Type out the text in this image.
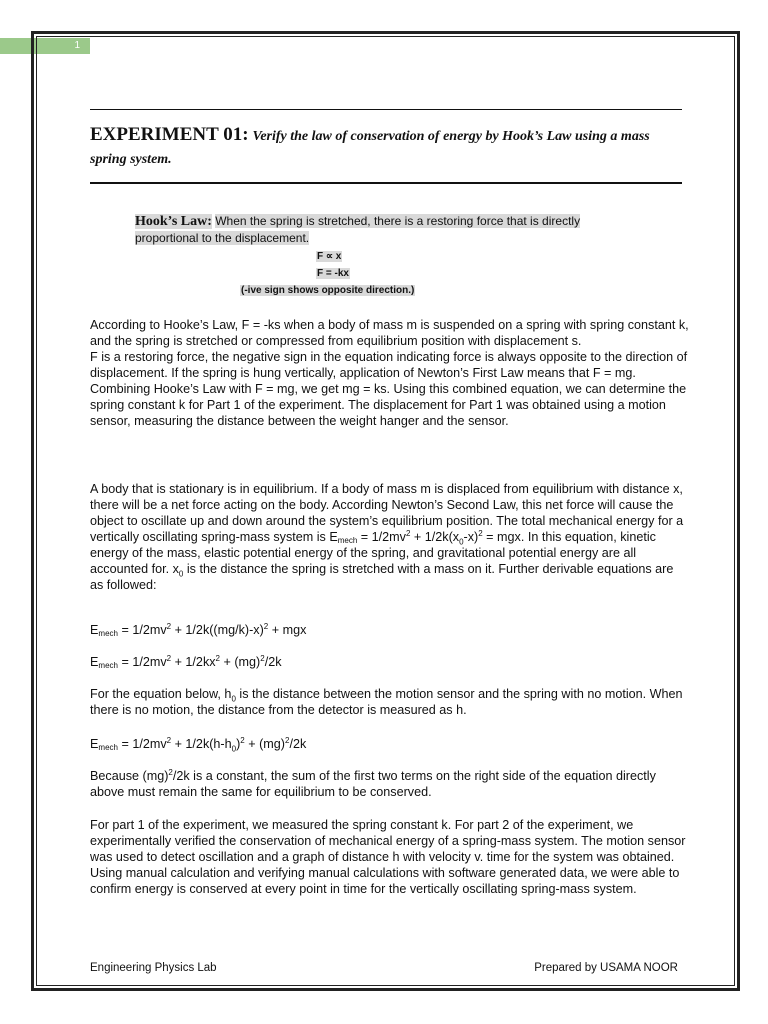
1
EXPERIMENT 01: Verify the law of conservation of energy by Hook’s Law using a mass spring system.
Hook’s Law: When the spring is stretched, there is a restoring force that is directly proportional to the displacement.
F ∝ x
F = -kx
(-ive sign shows opposite direction.)
According to Hooke’s Law, F = -ks when a body of mass m is suspended on a spring with spring constant k, and the spring is stretched or compressed from equilibrium position with displacement s.
F is a restoring force, the negative sign in the equation indicating force is always opposite to the direction of displacement. If the spring is hung vertically, application of Newton’s First Law means that F = mg. Combining Hooke’s Law with F = mg, we get mg = ks. Using this combined equation, we can determine the spring constant k for Part 1 of the experiment. The displacement for Part 1 was obtained using a motion sensor, measuring the distance between the weight hanger and the sensor.

A body that is stationary is in equilibrium. If a body of mass m is displaced from equilibrium with distance x, there will be a net force acting on the body. According Newton’s Second Law, this net force will cause the object to oscillate up and down around the system’s equilibrium position. The total mechanical energy for a vertically oscillating spring-mass system is $E_{mech} = 1/2mv^2 + 1/2k(x_0-x)^2$ = mgx. In this equation, kinetic energy of the mass, elastic potential energy of the spring, and gravitational potential energy are all accounted for. $x_0$ is the distance the spring is stretched with a mass on it. Further derivable equations are as followed:

$E_{mech} = 1/2mv^2 + 1/2k((mg/k)-x)^2$ + mgx

$E_{mech} = 1/2mv^2 + 1/2kx^2 + (mg)^2/2k$

For the equation below, $h_0$ is the distance between the motion sensor and the spring with no motion. When there is no motion, the distance from the detector is measured as h.

$E_{mech} = 1/2mv^2 + 1/2k(h-h_0)^2 + (mg)^2/2k$

Because (mg)$^2$/2k is a constant, the sum of the first two terms on the right side of the equation directly above must remain the same for equilibrium to be conserved.

For part 1 of the experiment, we measured the spring constant k. For part 2 of the experiment, we experimentally verified the conservation of mechanical energy of a spring-mass system. The motion sensor was used to detect oscillation and a graph of distance h with velocity v. time for the system was obtained. Using manual calculation and verifying manual calculations with software generated data, we were able to confirm energy is conserved at every point in time for the vertically oscillating spring-mass system.

Engineering Physics Lab	Prepared by USAMA NOOR
